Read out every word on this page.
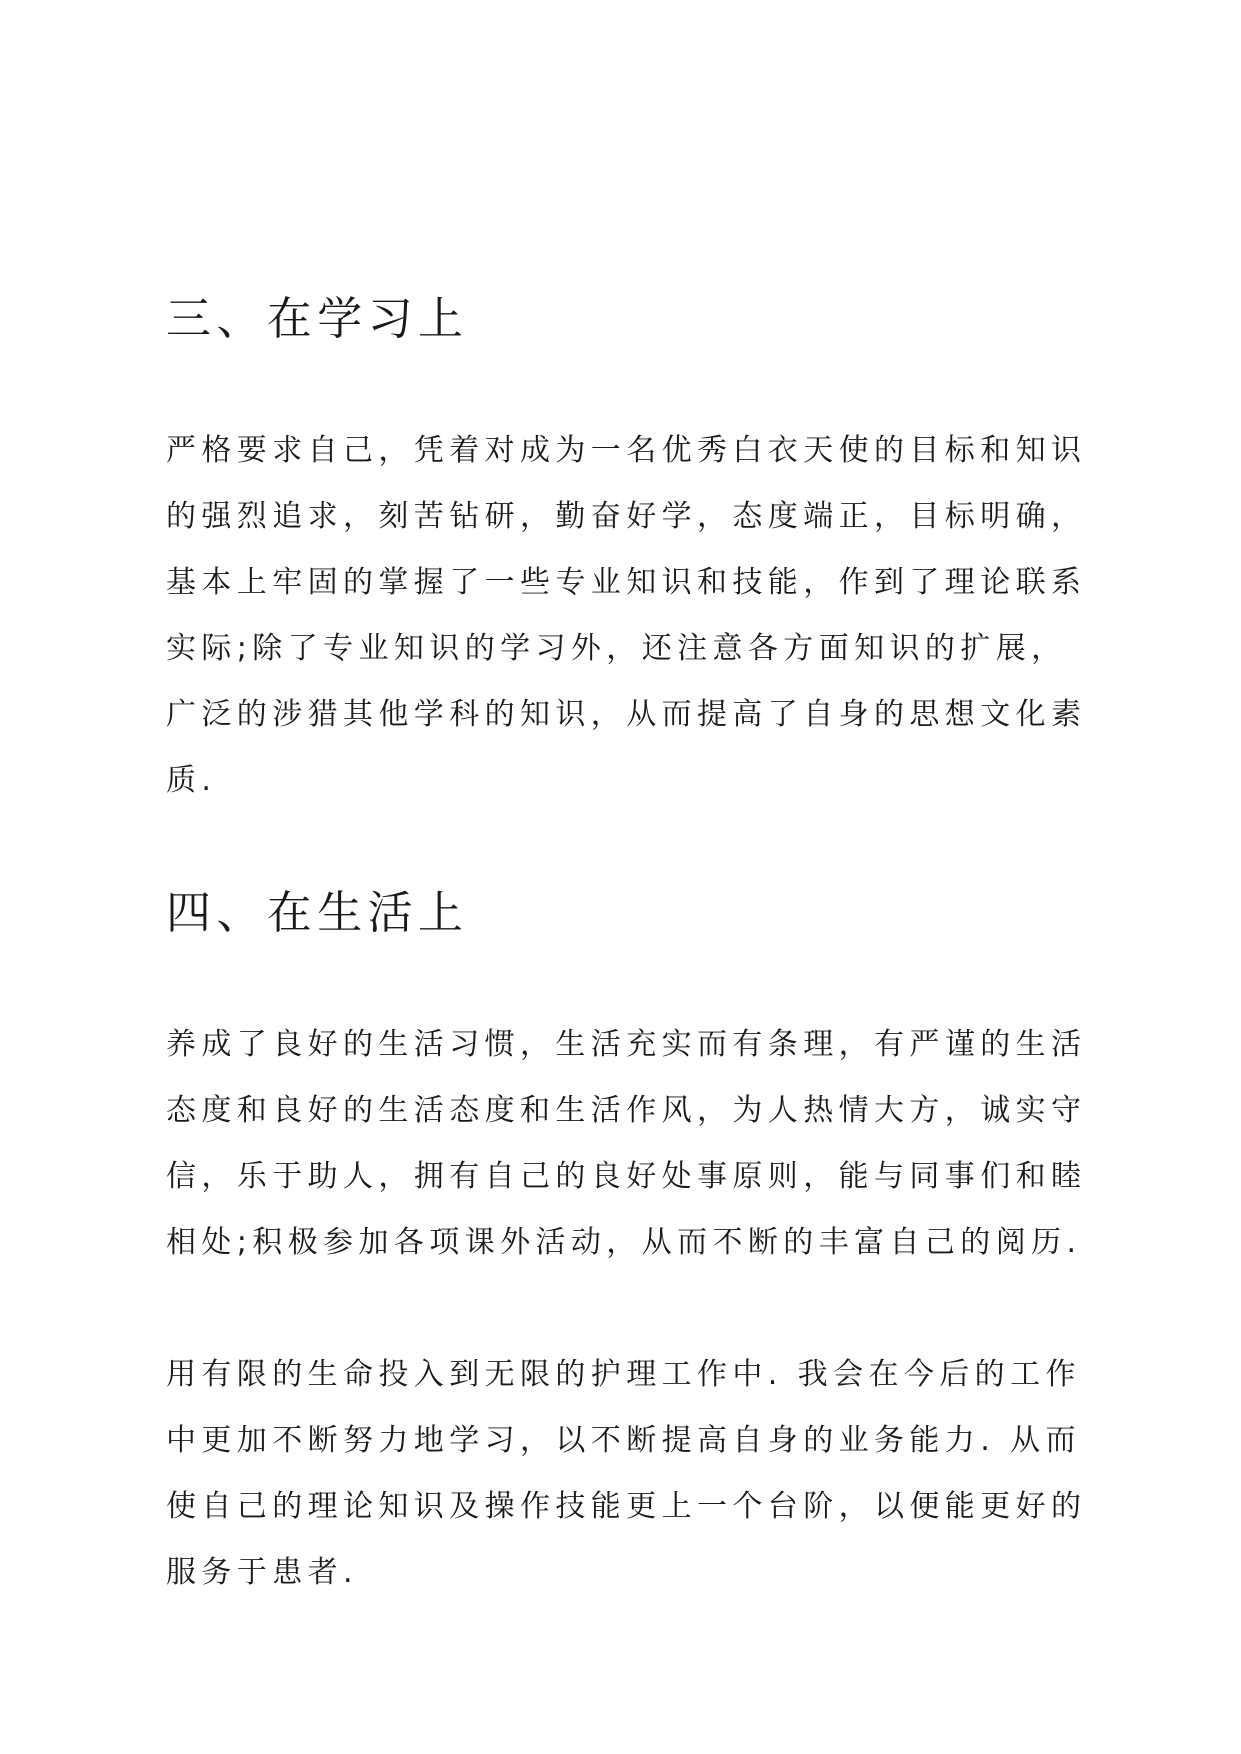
三、在学习上

严格要求自己，凭着对成为一名优秀白衣天使的目标和知识的强烈追求，刻苦钻研，勤奋好学，态度端正，目标明确，基本上牢固的掌握了一些专业知识和技能，作到了理论联系实际;除了专业知识的学习外，还注意各方面知识的扩展，广泛的涉猎其他学科的知识，从而提高了自身的思想文化素质.

四、在生活上

养成了良好的生活习惯，生活充实而有条理，有严谨的生活态度和良好的生活态度和生活作风，为人热情大方，诚实守信，乐于助人，拥有自己的良好处事原则，能与同事们和睦相处;积极参加各项课外活动，从而不断的丰富自己的阅历.

用有限的生命投入到无限的护理工作中. 我会在今后的工作中更加不断努力地学习，以不断提高自身的业务能力. 从而使自己的理论知识及操作技能更上一个台阶，以便能更好的服务于患者.
